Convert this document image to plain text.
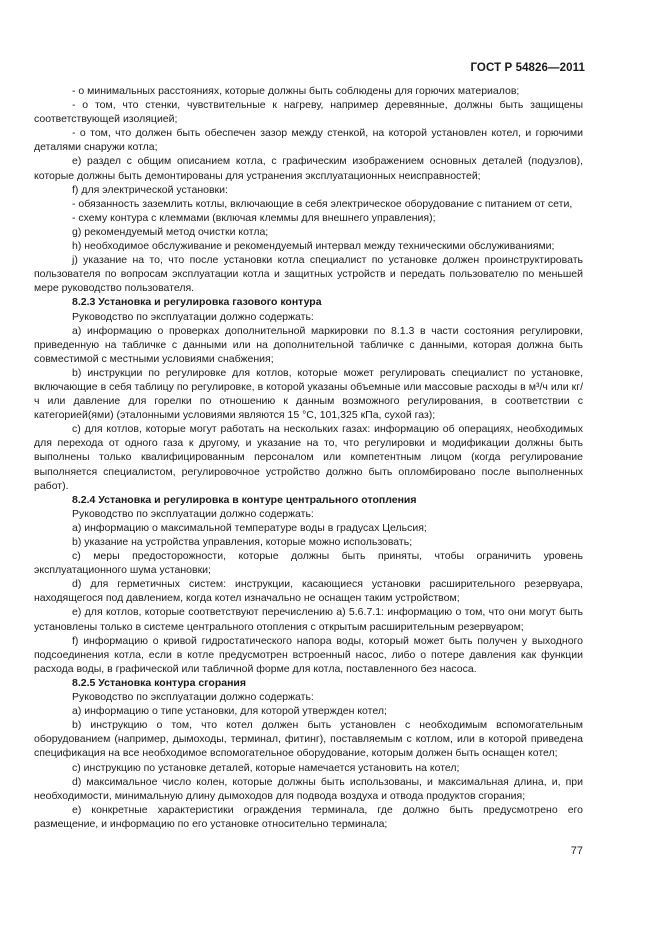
ГОСТ Р 54826—2011

- о минимальных расстояниях, которые должны быть соблюдены для горючих материалов;

- о том, что стенки, чувствительные к нагреву, например деревянные, должны быть защищены соответствующей изоляцией;

- о том, что должен быть обеспечен зазор между стенкой, на которой установлен котел, и горючими деталями снаружи котла;

е) раздел с общим описанием котла, с графическим изображением основных деталей (подузлов), которые должны быть демонтированы для устранения эксплуатационных неисправностей;

f) для электрической установки:

- обязанность заземлить котлы, включающие в себя электрическое оборудование с питанием от сети,

- схему контура с клеммами (включая клеммы для внешнего управления);

g) рекомендуемый метод очистки котла;

h) необходимое обслуживание и рекомендуемый интервал между техническими обслуживаниями;

j) указание на то, что после установки котла специалист по установке должен проинструктировать пользователя по вопросам эксплуатации котла и защитных устройств и передать пользователю по меньшей мере руководство пользователя.

8.2.3 Установка и регулировка газового контура

Руководство по эксплуатации должно содержать:

а) информацию о проверках дополнительной маркировки по 8.1.3 в части состояния регулировки, приведенную на табличке с данными или на дополнительной табличке с данными, которая должна быть совместимой с местными условиями снабжения;

b) инструкции по регулировке для котлов, которые может регулировать специалист по установке, включающие в себя таблицу по регулировке, в которой указаны объемные или массовые расходы в м³/ч или кг/ч или давление для горелки по отношению к данным возможного регулирования, в соответствии с категорией(ями) (эталонными условиями являются 15 °С, 101,325 кПа, сухой газ);

с) для котлов, которые могут работать на нескольких газах: информацию об операциях, необходимых для перехода от одного газа к другому, и указание на то, что регулировки и модификации должны быть выполнены только квалифицированным персоналом или компетентным лицом (когда регулирование выполняется специалистом, регулировочное устройство должно быть опломбировано после выполненных работ).

8.2.4 Установка и регулировка в контуре центрального отопления

Руководство по эксплуатации должно содержать:

а) информацию о максимальной температуре воды в градусах Цельсия;

b) указание на устройства управления, которые можно использовать;

с) меры предосторожности, которые должны быть приняты, чтобы ограничить уровень эксплуатационного шума установки;

d) для герметичных систем: инструкции, касающиеся установки расширительного резервуара, находящегося под давлением, когда котел изначально не оснащен таким устройством;

е) для котлов, которые соответствуют перечислению а) 5.6.7.1: информацию о том, что они могут быть установлены только в системе центрального отопления с открытым расширительным резервуаром;

f) информацию о кривой гидростатического напора воды, который может быть получен у выходного подсоединения котла, если в котле предусмотрен встроенный насос, либо о потере давления как функции расхода воды, в графической или табличной форме для котла, поставленного без насоса.

8.2.5 Установка контура сгорания

Руководство по эксплуатации должно содержать:

а) информацию о типе установки, для которой утвержден котел;

b) инструкцию о том, что котел должен быть установлен с необходимым вспомогательным оборудованием (например, дымоходы, терминал, фитинг), поставляемым с котлом, или в которой приведена спецификация на все необходимое вспомогательное оборудование, которым должен быть оснащен котел;

с) инструкцию по установке деталей, которые намечается установить на котел;

d) максимальное число колен, которые должны быть использованы, и максимальная длина, и, при необходимости, минимальную длину дымоходов для подвода воздуха и отвода продуктов сгорания;

е) конкретные характеристики ограждения терминала, где должно быть предусмотрено его размещение, и информацию по его установке относительно терминала;

77
